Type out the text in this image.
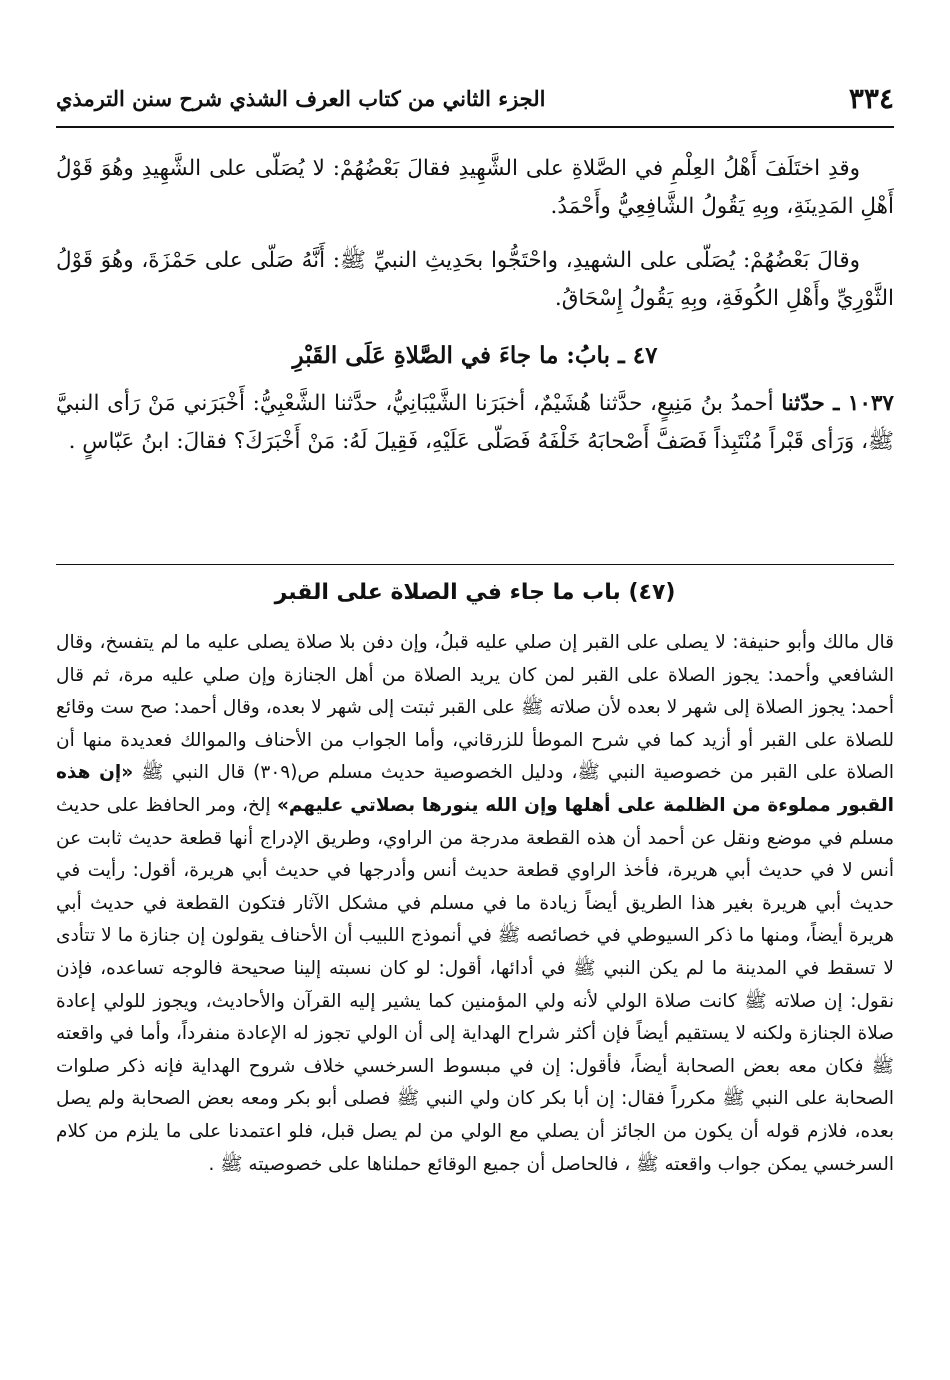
٣٣٤
الجزء الثاني من كتاب العرف الشذي شرح سنن الترمذي

وقدِ اختَلَفَ أَهْلُ العِلْمِ في الصَّلاةِ على الشَّهِيدِ فقالَ بَعْضُهُمْ: لا يُصَلّى على الشَّهِيدِ وهُوَ قَوْلُ أَهْلِ المَدِينَةِ، وبِهِ يَقُولُ الشَّافِعِيُّ وأَحْمَدُ.

وقالَ بَعْضُهُمْ: يُصَلّى على الشهيدِ، واحْتَجُّوا بحَدِيثِ النبيِّ ﷺ: أَنَّهُ صَلّى على حَمْزَةَ، وهُوَ قَوْلُ الثَّوْرِيِّ وأَهْلِ الكُوفَةِ، وبِهِ يَقُولُ إِسْحَاقُ.

٤٧ ـ بابُ: ما جاءَ في الصَّلاةِ عَلَى القَبْرِ

١٠٣٧ ـ حدّثنا أحمدُ بنُ مَنِيعٍ، حدَّثنا هُشَيْمٌ، أخبَرَنا الشَّيْبَانِيُّ، حدَّثنا الشَّعْبِيُّ: أَخْبَرَني مَنْ رَأى النبيَّ ﷺ، وَرَأى قَبْراً مُنْتَبِذاً فَصَفَّ أَصْحابَهُ خَلْفَهُ فَصَلّى عَلَيْهِ، فَقِيلَ لَهُ: مَنْ أَخْبَرَكَ؟ فقالَ: ابنُ عَبّاسٍ .

(٤٧) باب ما جاء في الصلاة على القبر

قال مالك وأبو حنيفة: لا يصلى على القبر إن صلي عليه قبلُ، وإن دفن بلا صلاة يصلى عليه ما لم يتفسخ، وقال الشافعي وأحمد: يجوز الصلاة على القبر لمن كان يريد الصلاة من أهل الجنازة وإن صلي عليه مرة، ثم قال أحمد: يجوز الصلاة إلى شهر لا بعده لأن صلاته ﷺ على القبر ثبتت إلى شهر لا بعده، وقال أحمد: صح ست وقائع للصلاة على القبر أو أزيد كما في شرح الموطأ للزرقاني، وأما الجواب من الأحناف والموالك فعديدة منها أن الصلاة على القبر من خصوصية النبي ﷺ، ودليل الخصوصية حديث مسلم ص(٣٠٩) قال النبي ﷺ «إن هذه القبور مملوءة من الظلمة على أهلها وإن الله ينورها بصلاتي عليهم» إلخ، ومر الحافظ على حديث مسلم في موضع ونقل عن أحمد أن هذه القطعة مدرجة من الراوي، وطريق الإدراج أنها قطعة حديث ثابت عن أنس لا في حديث أبي هريرة، فأخذ الراوي قطعة حديث أنس وأدرجها في حديث أبي هريرة، أقول: رأيت في حديث أبي هريرة بغير هذا الطريق أيضاً زيادة ما في مسلم في مشكل الآثار فتكون القطعة في حديث أبي هريرة أيضاً، ومنها ما ذكر السيوطي في خصائصه ﷺ في أنموذج اللبيب أن الأحناف يقولون إن جنازة ما لا تتأدى لا تسقط في المدينة ما لم يكن النبي ﷺ في أدائها، أقول: لو كان نسبته إلينا صحيحة فالوجه تساعده، فإذن نقول: إن صلاته ﷺ كانت صلاة الولي لأنه ولي المؤمنين كما يشير إليه القرآن والأحاديث، ويجوز للولي إعادة صلاة الجنازة ولكنه لا يستقيم أيضاً فإن أكثر شراح الهداية إلى أن الولي تجوز له الإعادة منفرداً، وأما في واقعته ﷺ فكان معه بعض الصحابة أيضاً، فأقول: إن في مبسوط السرخسي خلاف شروح الهداية فإنه ذكر صلوات الصحابة على النبي ﷺ مكرراً فقال: إن أبا بكر كان ولي النبي ﷺ فصلى أبو بكر ومعه بعض الصحابة ولم يصل بعده، فلازم قوله أن يكون من الجائز أن يصلي مع الولي من لم يصل قبل، فلو اعتمدنا على ما يلزم من كلام السرخسي يمكن جواب واقعته ﷺ ، فالحاصل أن جميع الوقائع حملناها على خصوصيته ﷺ .
